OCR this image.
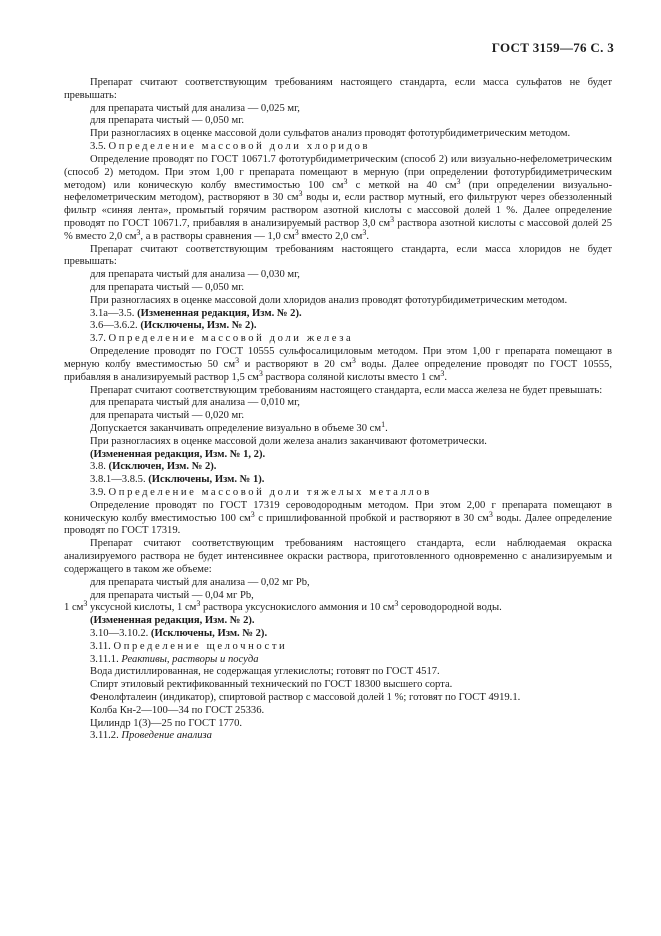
ГОСТ 3159—76 С. 3

Препарат считают соответствующим требованиям настоящего стандарта, если масса сульфатов не будет превышать:

для препарата чистый для анализа — 0,025 мг,

для препарата чистый — 0,050 мг.

При разногласиях в оценке массовой доли сульфатов анализ проводят фототурбидиметрическим методом.

3.5. Определение массовой доли хлоридов

Определение проводят по ГОСТ 10671.7 фототурбидиметрическим (способ 2) или визуально-нефелометрическим (способ 2) методом. При этом 1,00 г препарата помещают в мерную (при определении фототурбидиметрическим методом) или коническую колбу вместимостью 100 $см^3$ с меткой на 40 $см^3$ (при определении визуально-нефелометрическим методом), растворяют в 30 $см^3$ воды и, если раствор мутный, его фильтруют через обеззоленный фильтр «синяя лента», промытый горячим раствором азотной кислоты с массовой долей 1 %. Далее определение проводят по ГОСТ 10671.7, прибавляя в анализируемый раствор 3,0 $см^3$ раствора азотной кислоты с массовой долей 25 % вместо 2,0 $см^3$, а в растворы сравнения — 1,0 $см^3$ вместо 2,0 $см^3$.

Препарат считают соответствующим требованиям настоящего стандарта, если масса хлоридов не будет превышать:

для препарата чистый для анализа — 0,030 мг,

для препарата чистый — 0,050 мг.

При разногласиях в оценке массовой доли хлоридов анализ проводят фототурбидиметрическим методом.

3.1а—3.5. (Измененная редакция, Изм. № 2).

3.6—3.6.2. (Исключены, Изм. № 2).

3.7. Определение массовой доли железа

Определение проводят по ГОСТ 10555 сульфосалициловым методом. При этом 1,00 г препарата помещают в мерную колбу вместимостью 50 $см^3$ и растворяют в 20 $см^3$ воды. Далее определение проводят по ГОСТ 10555, прибавляя в анализируемый раствор 1,5 $см^3$ раствора соляной кислоты вместо 1 $см^3$.

Препарат считают соответствующим требованиям настоящего стандарта, если масса железа не будет превышать:

для препарата чистый для анализа — 0,010 мг,

для препарата чистый — 0,020 мг.

Допускается заканчивать определение визуально в объеме 30 $см^1$.

При разногласиях в оценке массовой доли железа анализ заканчивают фотометрически.

(Измененная редакция, Изм. № 1, 2).

3.8. (Исключен, Изм. № 2).

3.8.1—3.8.5. (Исключены, Изм. № 1).

3.9. Определение массовой доли тяжелых металлов

Определение проводят по ГОСТ 17319 сероводородным методом. При этом 2,00 г препарата помещают в коническую колбу вместимостью 100 $см^3$ с пришлифованной пробкой и растворяют в 30 $см^3$ воды. Далее определение проводят по ГОСТ 17319.

Препарат считают соответствующим требованиям настоящего стандарта, если наблюдаемая окраска анализируемого раствора не будет интенсивнее окраски раствора, приготовленного одновременно с анализируемым и содержащего в таком же объеме:

для препарата чистый для анализа — 0,02 мг Pb,

для препарата чистый — 0,04 мг Pb,

1 $см^3$ уксусной кислоты, 1 $см^3$ раствора уксуснокислого аммония и 10 $см^3$ сероводородной воды.

(Измененная редакция, Изм. № 2).

3.10—3.10.2. (Исключены, Изм. № 2).

3.11. Определение щелочности

3.11.1. Реактивы, растворы и посуда

Вода дистиллированная, не содержащая углекислоты; готовят по ГОСТ 4517.

Спирт этиловый ректификованный технический по ГОСТ 18300 высшего сорта.

Фенолфталеин (индикатор), спиртовой раствор с массовой долей 1 %; готовят по ГОСТ 4919.1.

Колба Кн-2—100—34 по ГОСТ 25336.

Цилиндр 1(3)—25 по ГОСТ 1770.

3.11.2. Проведение анализа
